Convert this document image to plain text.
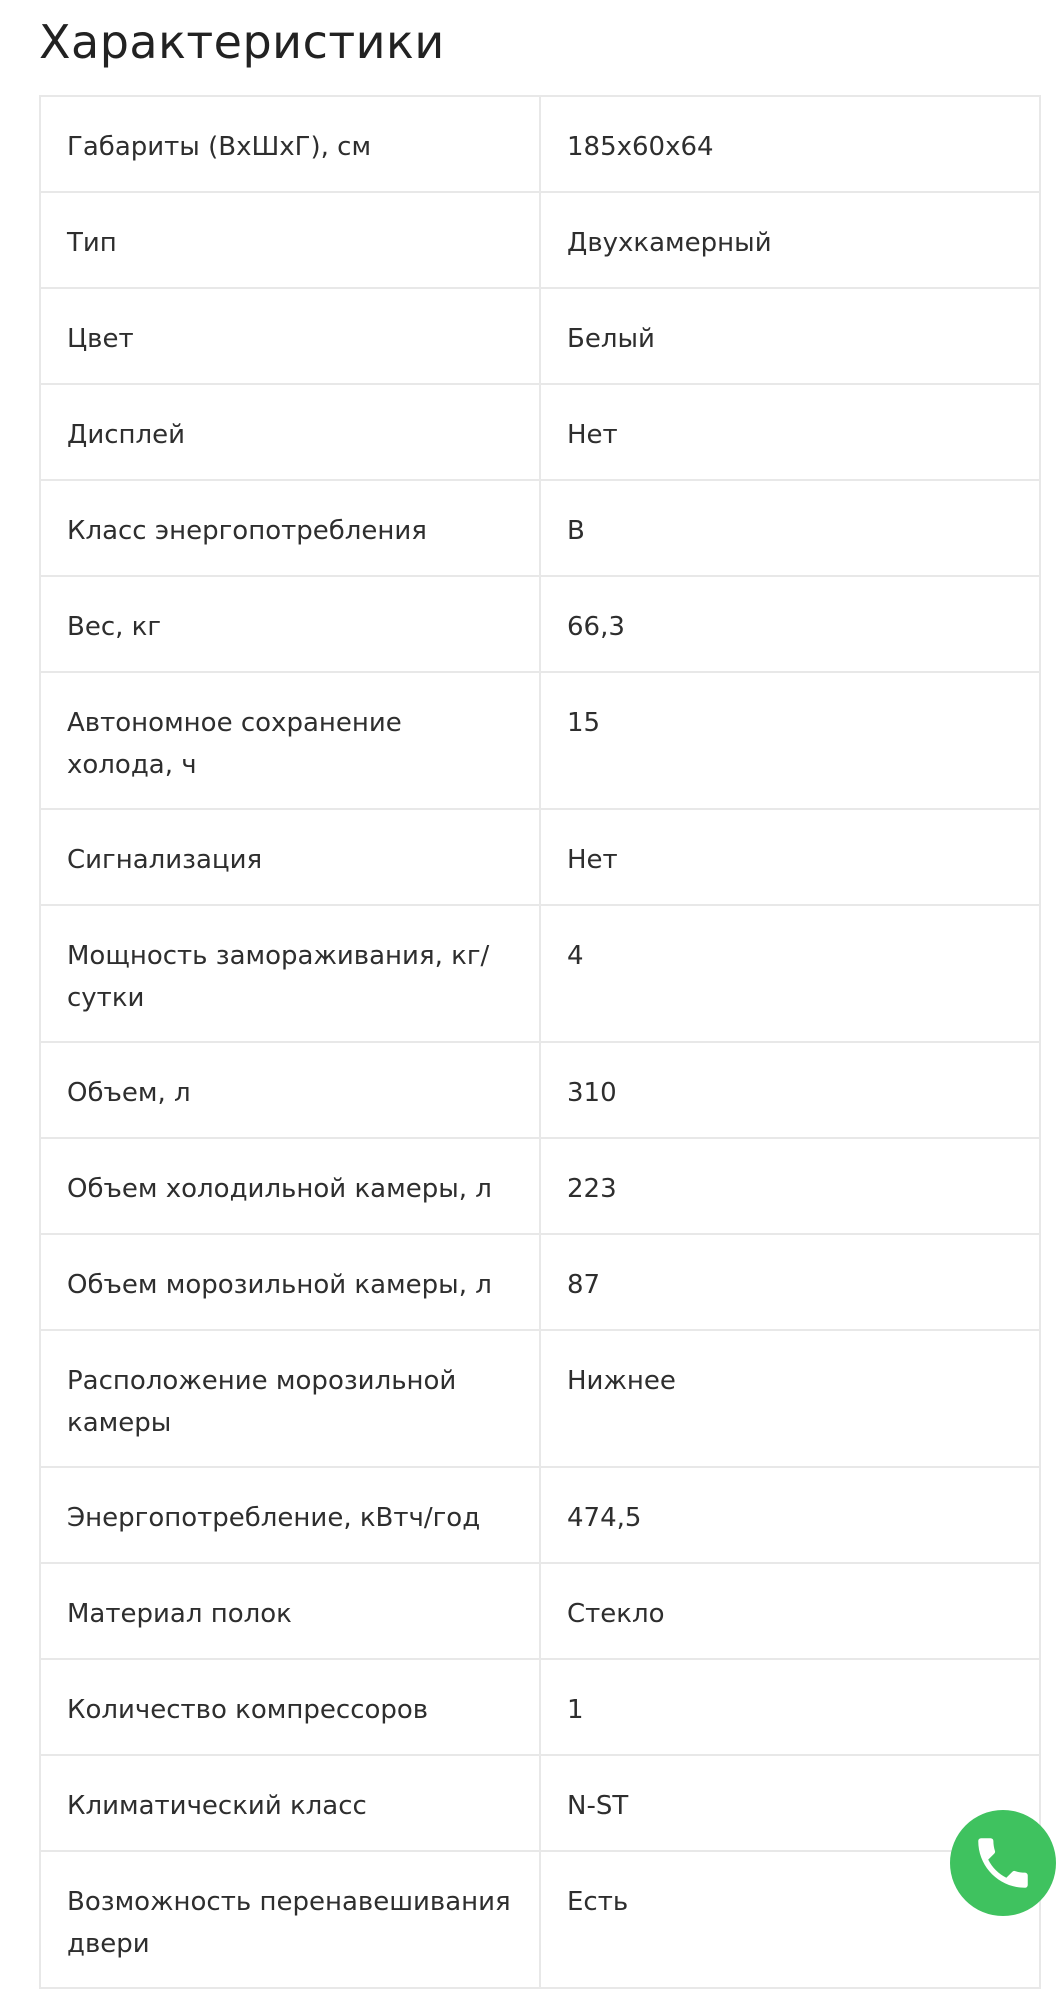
Характеристики
Габариты (ВхШхГ), см	185х60х64
Тип	Двухкамерный
Цвет	Белый
Дисплей	Нет
Класс энергопотребления	B
Вес, кг	66,3
Автономное сохранение холода, ч	15
Сигнализация	Нет
Мощность замораживания, кг/сутки	4
Объем, л	310
Объем холодильной камеры, л	223
Объем морозильной камеры, л	87
Расположение морозильной камеры	Нижнее
Энергопотребление, кВтч/год	474,5
Материал полок	Стекло
Количество компрессоров	1
Климатический класс	N-ST
Возможность перенавешивания двери	Есть
